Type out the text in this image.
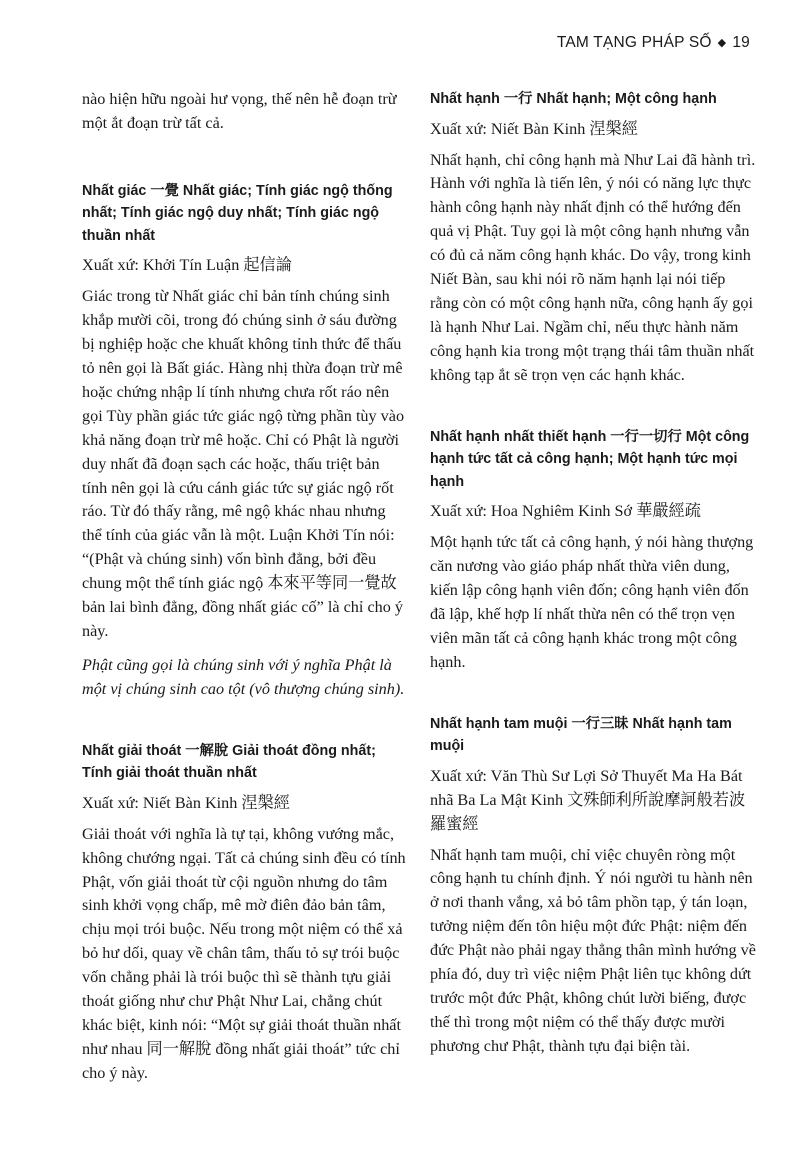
TAM TẠNG PHÁP SỐ ◆ 19

nào hiện hữu ngoài hư vọng, thế nên hễ đoạn trừ một ắt đoạn trừ tất cả.

Nhất giác 一覺 Nhất giác; Tính giác ngộ thống nhất; Tính giác ngộ duy nhất; Tính giác ngộ thuần nhất

Xuất xứ: Khởi Tín Luận 起信論

Giác trong từ Nhất giác chỉ bản tính chúng sinh khắp mười cõi, trong đó chúng sinh ở sáu đường bị nghiệp hoặc che khuất không tỉnh thức để thấu tỏ nên gọi là Bất giác. Hàng nhị thừa đoạn trừ mê hoặc chứng nhập lí tính nhưng chưa rốt ráo nên gọi Tùy phần giác tức giác ngộ từng phần tùy vào khả năng đoạn trừ mê hoặc. Chỉ có Phật là người duy nhất đã đoạn sạch các hoặc, thấu triệt bản tính nên gọi là cứu cánh giác tức sự giác ngộ rốt ráo. Từ đó thấy rằng, mê ngộ khác nhau nhưng thể tính của giác vẫn là một. Luận Khởi Tín nói: “(Phật và chúng sinh) vốn bình đẳng, bởi đều chung một thể tính giác ngộ 本來平等同一覺故 bản lai bình đẳng, đồng nhất giác cố” là chỉ cho ý này.

Phật cũng gọi là chúng sinh với ý nghĩa Phật là một vị chúng sinh cao tột (vô thượng chúng sinh).

Nhất giải thoát 一解脫 Giải thoát đồng nhất; Tính giải thoát thuần nhất

Xuất xứ: Niết Bàn Kinh 涅槃經

Giải thoát với nghĩa là tự tại, không vướng mắc, không chướng ngại. Tất cả chúng sinh đều có tính Phật, vốn giải thoát từ cội nguồn nhưng do tâm sinh khởi vọng chấp, mê mờ điên đảo bản tâm, chịu mọi trói buộc. Nếu trong một niệm có thể xả bỏ hư dối, quay về chân tâm, thấu tỏ sự trói buộc vốn chẳng phải là trói buộc thì sẽ thành tựu giải thoát giống như chư Phật Như Lai, chẳng chút khác biệt, kinh nói: “Một sự giải thoát thuần nhất như nhau 同一解脫 đồng nhất giải thoát” tức chỉ cho ý này.

Nhất hạnh 一行 Nhất hạnh; Một công hạnh

Xuất xứ: Niết Bàn Kinh 涅槃經

Nhất hạnh, chỉ công hạnh mà Như Lai đã hành trì. Hành với nghĩa là tiến lên, ý nói có năng lực thực hành công hạnh này nhất định có thể hướng đến quả vị Phật. Tuy gọi là một công hạnh nhưng vẫn có đủ cả năm công hạnh khác. Do vậy, trong kinh Niết Bàn, sau khi nói rõ năm hạnh lại nói tiếp rằng còn có một công hạnh nữa, công hạnh ấy gọi là hạnh Như Lai. Ngầm chỉ, nếu thực hành năm công hạnh kia trong một trạng thái tâm thuần nhất không tạp ắt sẽ trọn vẹn các hạnh khác.

Nhất hạnh nhất thiết hạnh 一行一切行 Một công hạnh tức tất cả công hạnh; Một hạnh tức mọi hạnh

Xuất xứ: Hoa Nghiêm Kinh Sớ 華嚴經疏

Một hạnh tức tất cả công hạnh, ý nói hàng thượng căn nương vào giáo pháp nhất thừa viên dung, kiến lập công hạnh viên đốn; công hạnh viên đốn đã lập, khế hợp lí nhất thừa nên có thể trọn vẹn viên mãn tất cả công hạnh khác trong một công hạnh.

Nhất hạnh tam muội 一行三昧 Nhất hạnh tam muội

Xuất xứ: Văn Thù Sư Lợi Sở Thuyết Ma Ha Bát nhã Ba La Mật Kinh 文殊師利所說摩訶般若波羅蜜經

Nhất hạnh tam muội, chỉ việc chuyên ròng một công hạnh tu chính định. Ý nói người tu hành nên ở nơi thanh vắng, xả bỏ tâm phồn tạp, ý tán loạn, tưởng niệm đến tôn hiệu một đức Phật: niệm đến đức Phật nào phải ngay thẳng thân mình hướng về phía đó, duy trì việc niệm Phật liên tục không dứt trước một đức Phật, không chút lười biếng, được thế thì trong một niệm có thể thấy được mười phương chư Phật, thành tựu đại biện tài.
